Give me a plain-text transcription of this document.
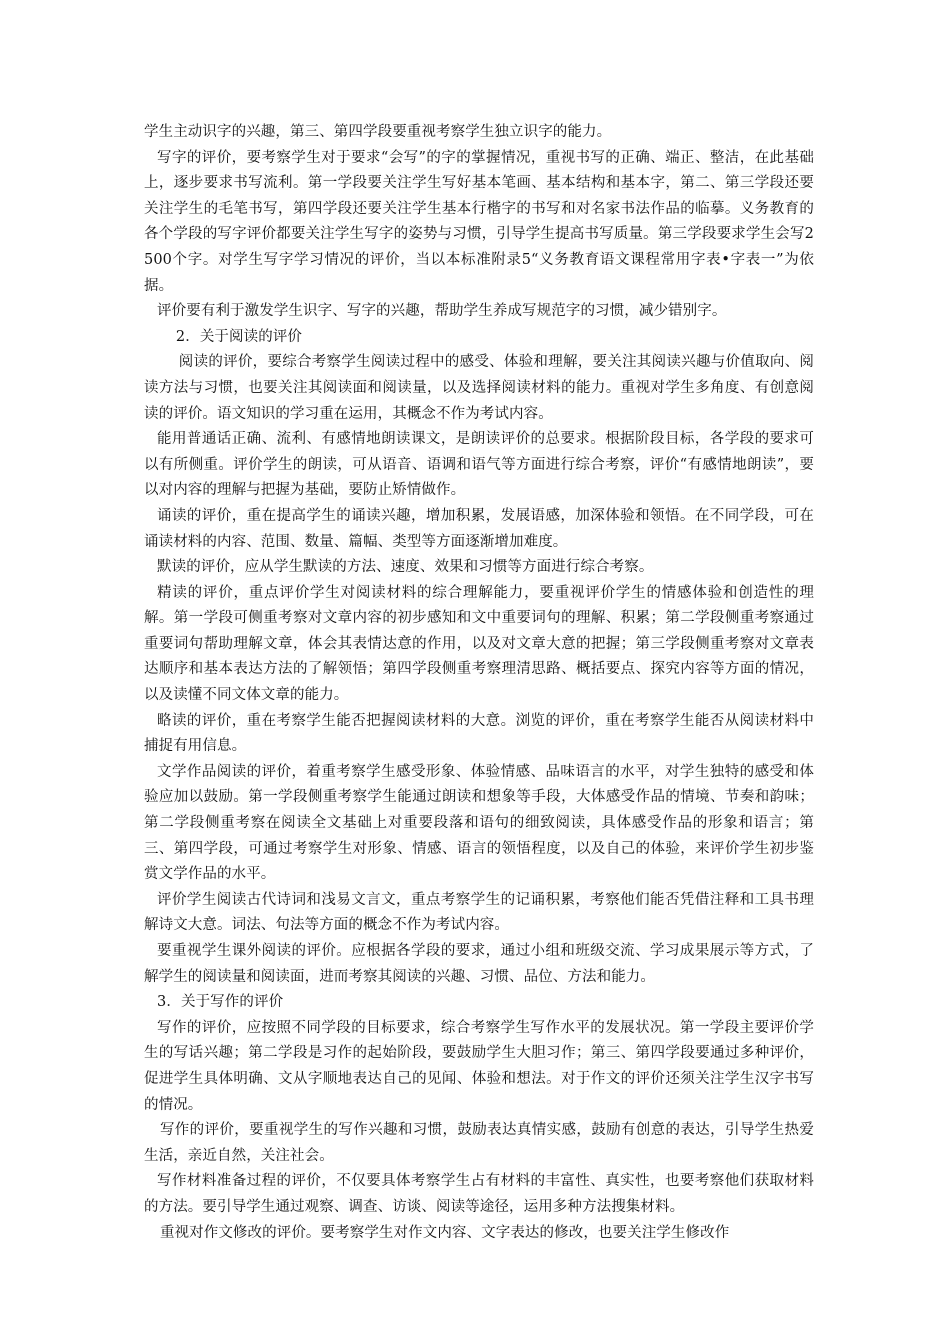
学生主动识字的兴趣，第三、第四学段要重视考察学生独立识字的能力。

写字的评价，要考察学生对于要求“会写”的字的掌握情况，重视书写的正确、端正、整洁，在此基础上，逐步要求书写流利。第一学段要关注学生写好基本笔画、基本结构和基本字，第二、第三学段还要关注学生的毛笔书写，第四学段还要关注学生基本行楷字的书写和对名家书法作品的临摹。义务教育的各个学段的写字评价都要关注学生写字的姿势与习惯，引导学生提高书写质量。第三学段要求学生会写2500个字。对学生写字学习情况的评价，当以本标准附录5“义务教育语文课程常用字表•字表一”为依据。

评价要有利于激发学生识字、写字的兴趣，帮助学生养成写规范字的习惯，减少错别字。

2．关于阅读的评价

阅读的评价，要综合考察学生阅读过程中的感受、体验和理解，要关注其阅读兴趣与价值取向、阅读方法与习惯，也要关注其阅读面和阅读量，以及选择阅读材料的能力。重视对学生多角度、有创意阅读的评价。语文知识的学习重在运用，其概念不作为考试内容。

能用普通话正确、流利、有感情地朗读课文，是朗读评价的总要求。根据阶段目标，各学段的要求可以有所侧重。评价学生的朗读，可从语音、语调和语气等方面进行综合考察，评价“有感情地朗读”，要以对内容的理解与把握为基础，要防止矫情做作。

诵读的评价，重在提高学生的诵读兴趣，增加积累，发展语感，加深体验和领悟。在不同学段，可在诵读材料的内容、范围、数量、篇幅、类型等方面逐渐增加难度。

默读的评价，应从学生默读的方法、速度、效果和习惯等方面进行综合考察。

精读的评价，重点评价学生对阅读材料的综合理解能力，要重视评价学生的情感体验和创造性的理解。第一学段可侧重考察对文章内容的初步感知和文中重要词句的理解、积累；第二学段侧重考察通过重要词句帮助理解文章，体会其表情达意的作用，以及对文章大意的把握；第三学段侧重考察对文章表达顺序和基本表达方法的了解领悟；第四学段侧重考察理清思路、概括要点、探究内容等方面的情况，以及读懂不同文体文章的能力。

略读的评价，重在考察学生能否把握阅读材料的大意。浏览的评价，重在考察学生能否从阅读材料中捕捉有用信息。

文学作品阅读的评价，着重考察学生感受形象、体验情感、品味语言的水平，对学生独特的感受和体验应加以鼓励。第一学段侧重考察学生能通过朗读和想象等手段，大体感受作品的情境、节奏和韵味；第二学段侧重考察在阅读全文基础上对重要段落和语句的细致阅读，具体感受作品的形象和语言；第三、第四学段，可通过考察学生对形象、情感、语言的领悟程度，以及自己的体验，来评价学生初步鉴赏文学作品的水平。

评价学生阅读古代诗词和浅易文言文，重点考察学生的记诵积累，考察他们能否凭借注释和工具书理解诗文大意。词法、句法等方面的概念不作为考试内容。

要重视学生课外阅读的评价。应根据各学段的要求，通过小组和班级交流、学习成果展示等方式，了解学生的阅读量和阅读面，进而考察其阅读的兴趣、习惯、品位、方法和能力。

3．关于写作的评价

写作的评价，应按照不同学段的目标要求，综合考察学生写作水平的发展状况。第一学段主要评价学生的写话兴趣；第二学段是习作的起始阶段，要鼓励学生大胆习作；第三、第四学段要通过多种评价，促进学生具体明确、文从字顺地表达自己的见闻、体验和想法。对于作文的评价还须关注学生汉字书写的情况。

写作的评价，要重视学生的写作兴趣和习惯，鼓励表达真情实感，鼓励有创意的表达，引导学生热爱生活，亲近自然，关注社会。

写作材料准备过程的评价，不仅要具体考察学生占有材料的丰富性、真实性，也要考察他们获取材料的方法。要引导学生通过观察、调查、访谈、阅读等途径，运用多种方法搜集材料。

重视对作文修改的评价。要考察学生对作文内容、文字表达的修改，也要关注学生修改作
